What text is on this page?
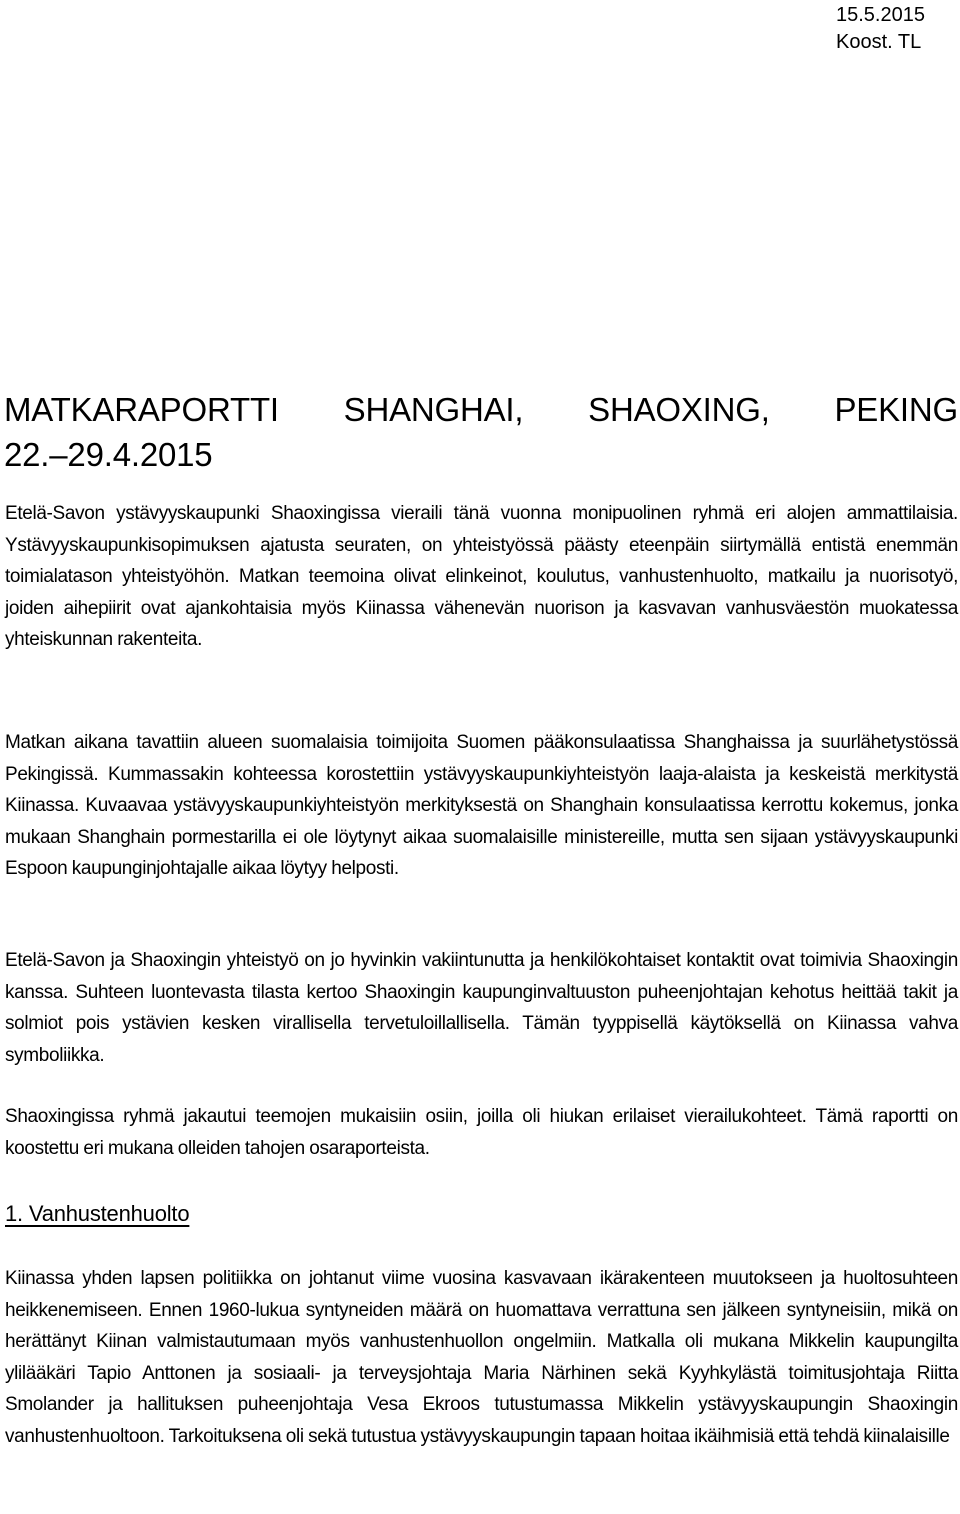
15.5.2015
Koost. TL
MATKARAPORTTI SHANGHAI, SHAOXING, PEKING
22.–29.4.2015

Etelä-Savon ystävyyskaupunki Shaoxingissa vieraili tänä vuonna monipuolinen ryhmä eri alojen ammattilaisia. Ystävyyskaupunkisopimuksen ajatusta seuraten, on yhteistyössä päästy eteenpäin siirtymällä entistä enemmän toimialatason yhteistyöhön. Matkan teemoina olivat elinkeinot, koulutus, vanhustenhuolto, matkailu ja nuorisotyö, joiden aihepiirit ovat ajankohtaisia myös Kiinassa vähenevän nuorison ja kasvavan vanhusväestön muokatessa yhteiskunnan rakenteita.

Matkan aikana tavattiin alueen suomalaisia toimijoita Suomen pääkonsulaatissa Shanghaissa ja suurlähetystössä Pekingissä. Kummassakin kohteessa korostettiin ystävyyskaupunkiyhteistyön laaja-alaista ja keskeistä merkitystä Kiinassa. Kuvaavaa ystävyyskaupunkiyhteistyön merkityksestä on Shanghain konsulaatissa kerrottu kokemus, jonka mukaan Shanghain pormestarilla ei ole löytynyt aikaa suomalaisille ministereille, mutta sen sijaan ystävyyskaupunki Espoon kaupunginjohtajalle aikaa löytyy helposti.

Etelä-Savon ja Shaoxingin yhteistyö on jo hyvinkin vakiintunutta ja henkilökohtaiset kontaktit ovat toimivia Shaoxingin kanssa. Suhteen luontevasta tilasta kertoo Shaoxingin kaupunginvaltuuston puheenjohtajan kehotus heittää takit ja solmiot pois ystävien kesken virallisella tervetuloillallisella. Tämän tyyppisellä käytöksellä on Kiinassa vahva symboliikka.

Shaoxingissa ryhmä jakautui teemojen mukaisiin osiin, joilla oli hiukan erilaiset vierailukohteet. Tämä raportti on koostettu eri mukana olleiden tahojen osaraporteista.

1. Vanhustenhuolto

Kiinassa yhden lapsen politiikka on johtanut viime vuosina kasvavaan ikärakenteen muutokseen ja huoltosuhteen heikkenemiseen. Ennen 1960-lukua syntyneiden määrä on huomattava verrattuna sen jälkeen syntyneisiin, mikä on herättänyt Kiinan valmistautumaan myös vanhustenhuollon ongelmiin. Matkalla oli mukana Mikkelin kaupungilta ylilääkäri Tapio Anttonen ja sosiaali- ja terveysjohtaja Maria Närhinen sekä Kyyhkylästä toimitusjohtaja Riitta Smolander ja hallituksen puheenjohtaja Vesa Ekroos tutustumassa Mikkelin ystävyyskaupungin Shaoxingin vanhustenhuoltoon. Tarkoituksena oli sekä tutustua ystävyyskaupungin tapaan hoitaa ikäihmisiä että tehdä kiinalaisille
